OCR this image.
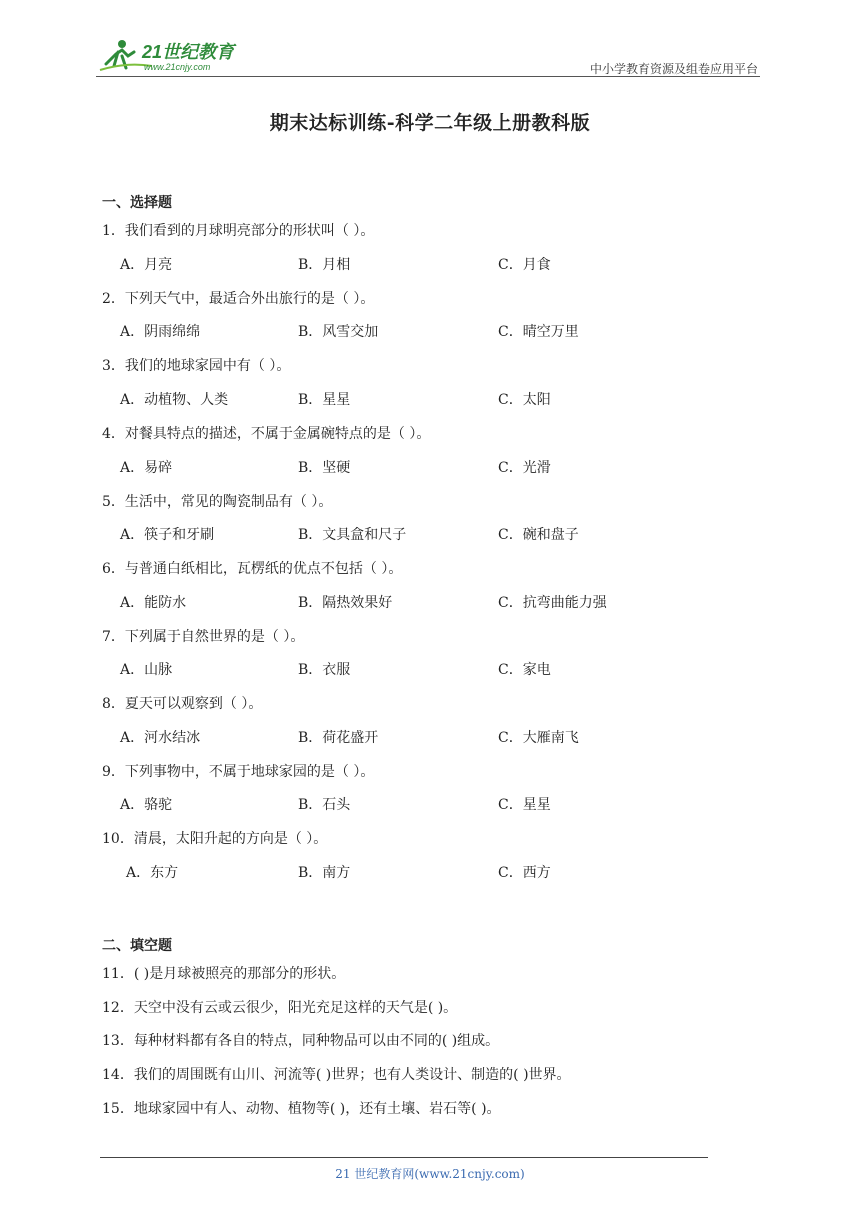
21世纪教育
www.21cnjy.com	中小学教育资源及组卷应用平台
期末达标训练-科学二年级上册教科版
一、选择题
1．我们看到的月球明亮部分的形状叫（ ）。
A．月亮	B．月相	C．月食
2．下列天气中，最适合外出旅行的是（ ）。
A．阴雨绵绵	B．风雪交加	C．晴空万里
3．我们的地球家园中有（ ）。
A．动植物、人类	B．星星	C．太阳
4．对餐具特点的描述，不属于金属碗特点的是（ ）。
A．易碎	B．坚硬	C．光滑
5．生活中，常见的陶瓷制品有（ ）。
A．筷子和牙刷	B．文具盒和尺子	C．碗和盘子
6．与普通白纸相比，瓦楞纸的优点不包括（ ）。
A．能防水	B．隔热效果好	C．抗弯曲能力强
7．下列属于自然世界的是（ ）。
A．山脉	B．衣服	C．家电
8．夏天可以观察到（ ）。
A．河水结冰	B．荷花盛开	C．大雁南飞
9．下列事物中，不属于地球家园的是（ ）。
A．骆驼	B．石头	C．星星
10．清晨，太阳升起的方向是（ ）。
A．东方	B．南方	C．西方
二、填空题
11．( )是月球被照亮的那部分的形状。
12．天空中没有云或云很少，阳光充足这样的天气是( )。
13．每种材料都有各自的特点，同种物品可以由不同的( )组成。
14．我们的周围既有山川、河流等( )世界；也有人类设计、制造的( )世界。
15．地球家园中有人、动物、植物等( )，还有土壤、岩石等( )。
21 世纪教育网(www.21cnjy.com)
